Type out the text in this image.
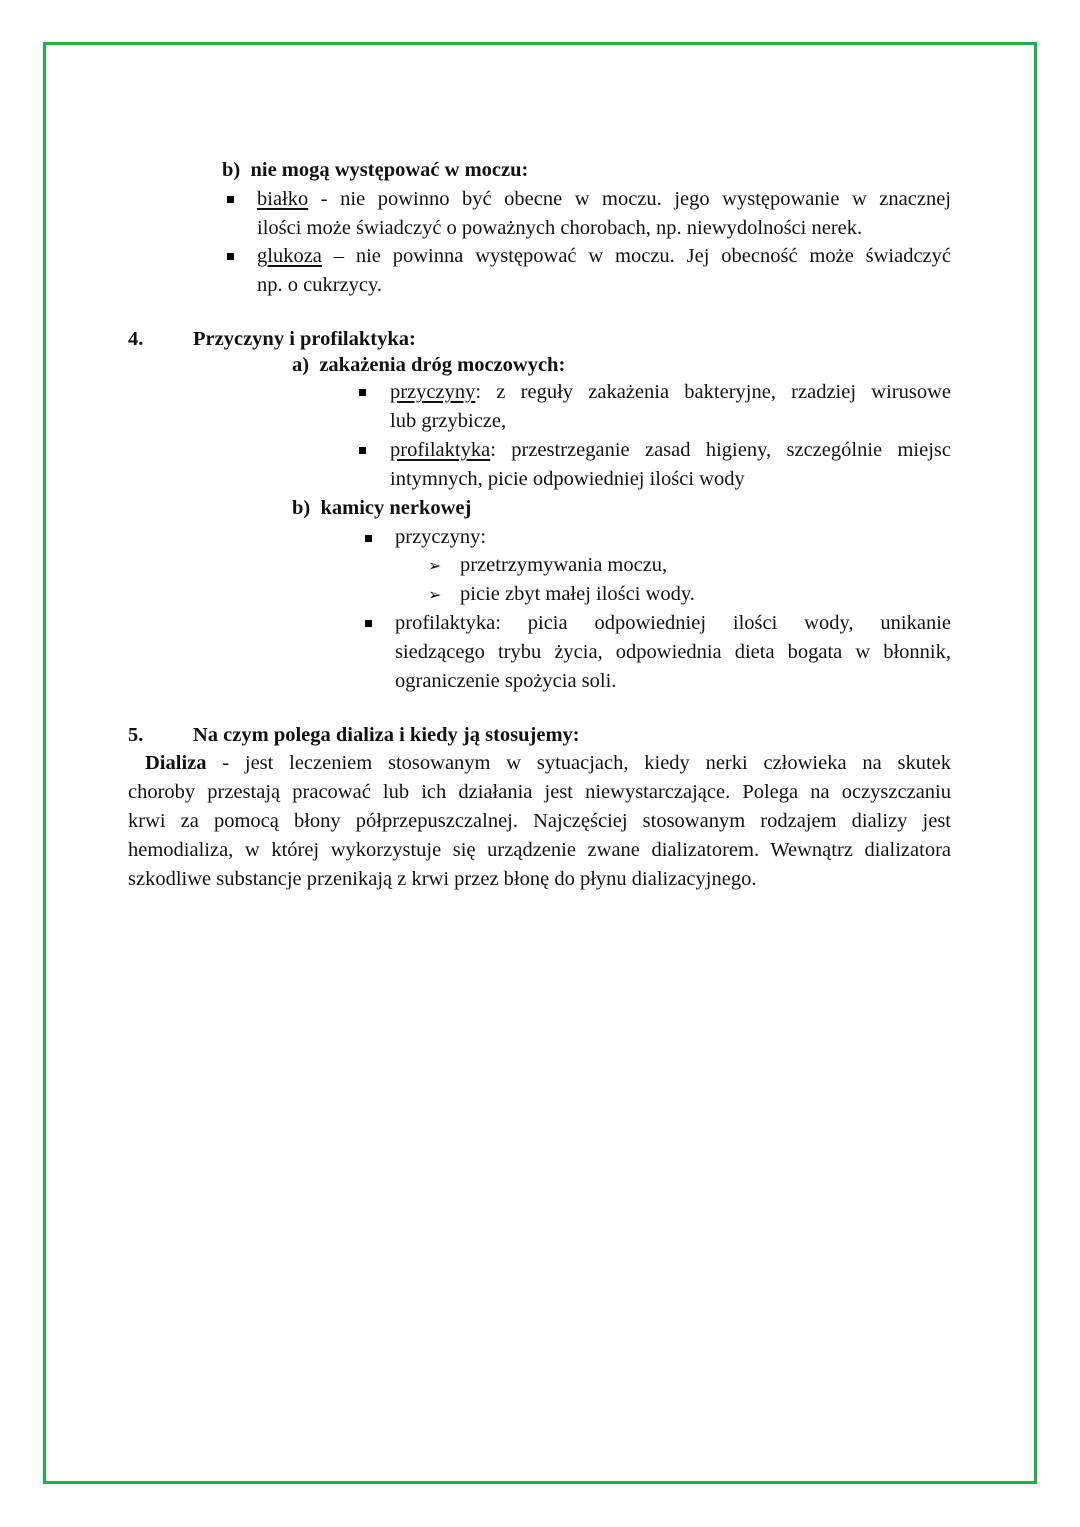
b) nie mogą występować w moczu:
białko - nie powinno być obecne w moczu. jego występowanie w znacznej
ilości może świadczyć o poważnych chorobach, np. niewydolności nerek.
glukoza – nie powinna występować w moczu. Jej obecność może świadczyć
np. o cukrzycy.
4. Przyczyny i profilaktyka:
a) zakażenia dróg moczowych:
przyczyny: z reguły zakażenia bakteryjne, rzadziej wirusowe
lub grzybicze,
profilaktyka: przestrzeganie zasad higieny, szczególnie miejsc
intymnych, picie odpowiedniej ilości wody
b) kamicy nerkowej
przyczyny:
➢ przetrzymywania moczu,
➢ picie zbyt małej ilości wody.
profilaktyka: picia odpowiedniej ilości wody, unikanie
siedzącego trybu życia, odpowiednia dieta bogata w błonnik,
ograniczenie spożycia soli.
5. Na czym polega dializa i kiedy ją stosujemy:
Dializa - jest leczeniem stosowanym w sytuacjach, kiedy nerki człowieka na skutek
choroby przestają pracować lub ich działania jest niewystarczające. Polega na oczyszczaniu
krwi za pomocą błony półprzepuszczalnej. Najczęściej stosowanym rodzajem dializy jest
hemodializa, w której wykorzystuje się urządzenie zwane dializatorem. Wewnątrz dializatora
szkodliwe substancje przenikają z krwi przez błonę do płynu dializacyjnego.
